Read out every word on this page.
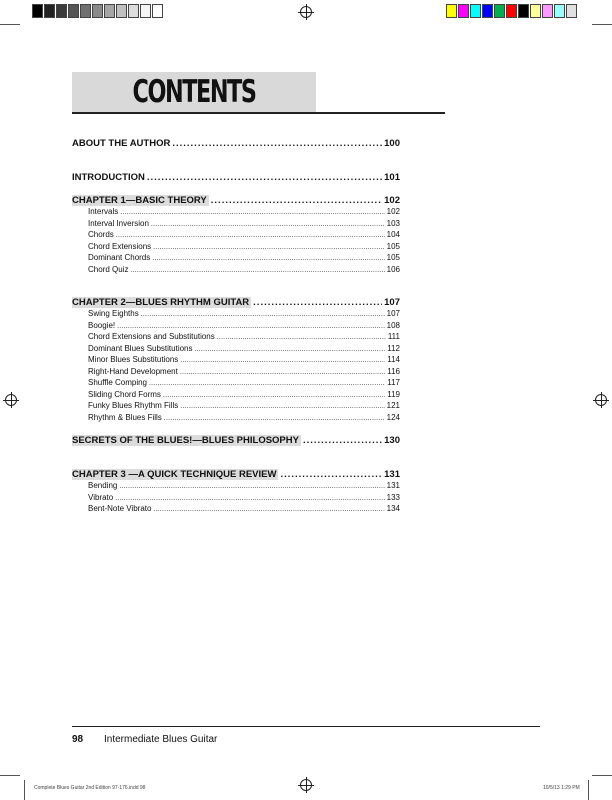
CONTENTS
ABOUT THE AUTHOR .....	100
INTRODUCTION .....	101
CHAPTER 1—BASIC THEORY .....	102
Intervals .....	102
Interval Inversion .....	103
Chords .....	104
Chord Extensions .....	105
Dominant Chords .....	105
Chord Quiz .....	106
CHAPTER 2—BLUES RHYTHM GUITAR .....	107
Swing Eighths .....	107
Boogie! .....	108
Chord Extensions and Substitutions .....	111
Dominant Blues Substitutions .....	112
Minor Blues Substitutions .....	114
Right-Hand Development .....	116
Shuffle Comping .....	117
Sliding Chord Forms .....	119
Funky Blues Rhythm Fills .....	121
Rhythm & Blues Fills .....	124
SECRETS OF THE BLUES!—BLUES PHILOSOPHY .....	130
CHAPTER 3 —A QUICK TECHNIQUE REVIEW .....	131
Bending .....	131
Vibrato .....	133
Bent-Note Vibrato .....	134
98 Intermediate Blues Guitar
Complete Blues Guitar 2nd Edition 97-176.indd 98	10/5/13 1:29 PM
